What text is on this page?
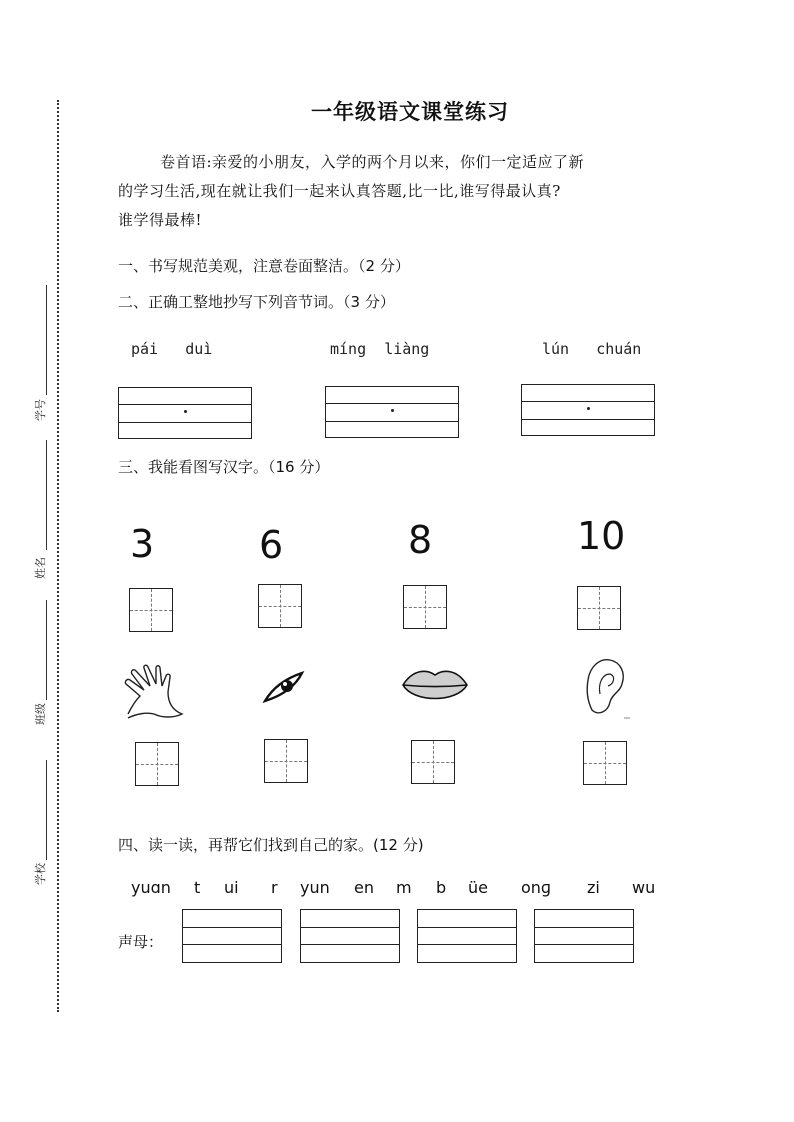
学号
姓名
班级
学校
一年级语文课堂练习
卷首语:亲爱的小朋友，入学的两个月以来，你们一定适应了新
的学习生活,现在就让我们一起来认真答题,比一比,谁写得最认真?
谁学得最棒!
一、书写规范美观，注意卷面整洁。（2 分）
二、正确工整地抄写下列音节词。（3 分）
pái duì	míng liàng	lún chuán
三、我能看图写汉字。（16 分）
3	6	8	10
四、读一读，再帮它们找到自己的家。(12 分)
yuɑn t ui r yun en m b üe onɡ zi wu
声母：
